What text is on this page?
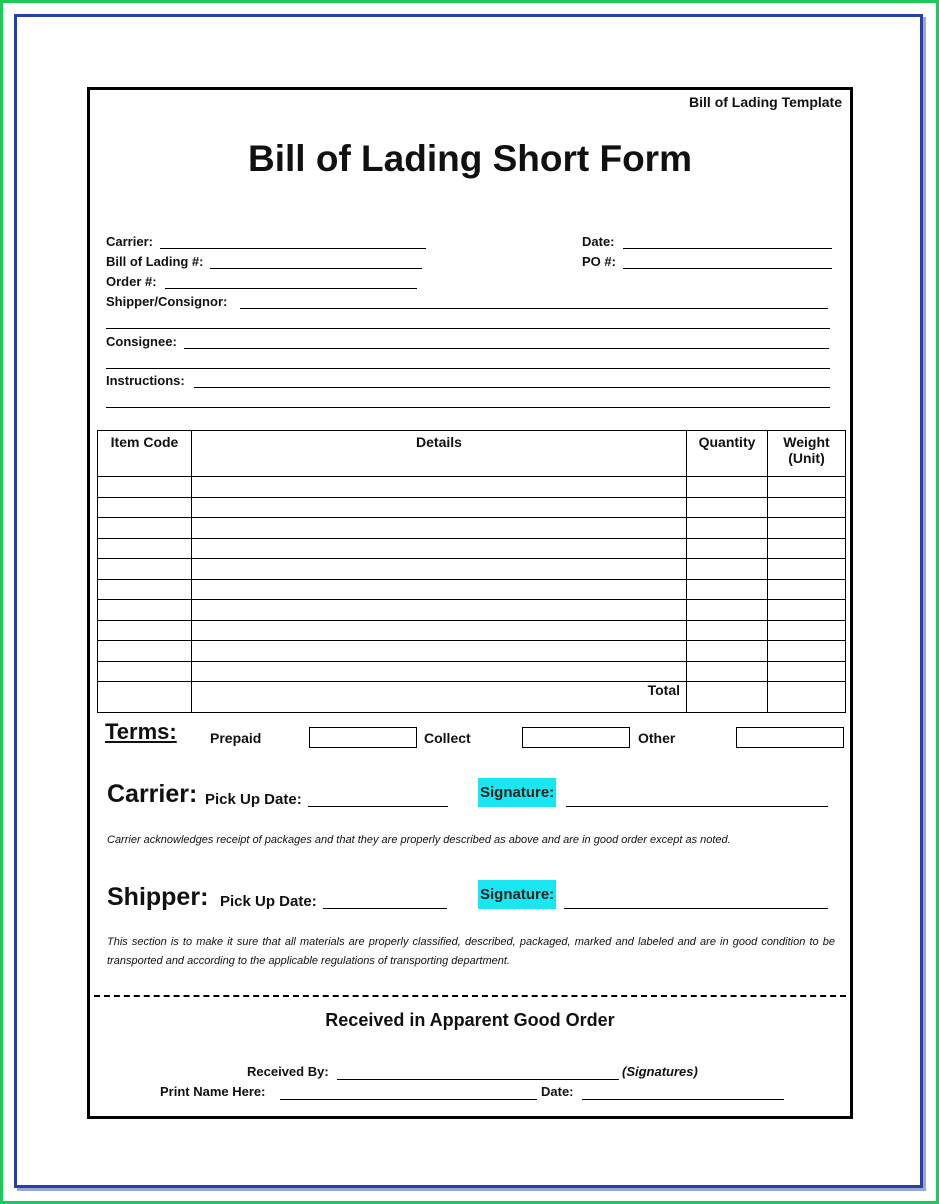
Bill of Lading Template
Bill of Lading Short Form
Carrier:
Bill of Lading #:
Order #:
Shipper/Consignor:
Consignee:
Instructions:
Date:
PO #:
Item Code	Details	Quantity	Weight
(Unit)

	Total		
Terms: Prepaid	Collect	Other
Carrier: Pick Up Date:	Signature:
Carrier acknowledges receipt of packages and that they are properly described as above and are in good order except as noted.
Shipper: Pick Up Date:	Signature:
This section is to make it sure that all materials are properly classified, described, packaged, marked and labeled and are in good condition to be transported and according to the applicable regulations of transporting department.
Received in Apparent Good Order
Received By:	(Signatures)
Print Name Here:	Date:
